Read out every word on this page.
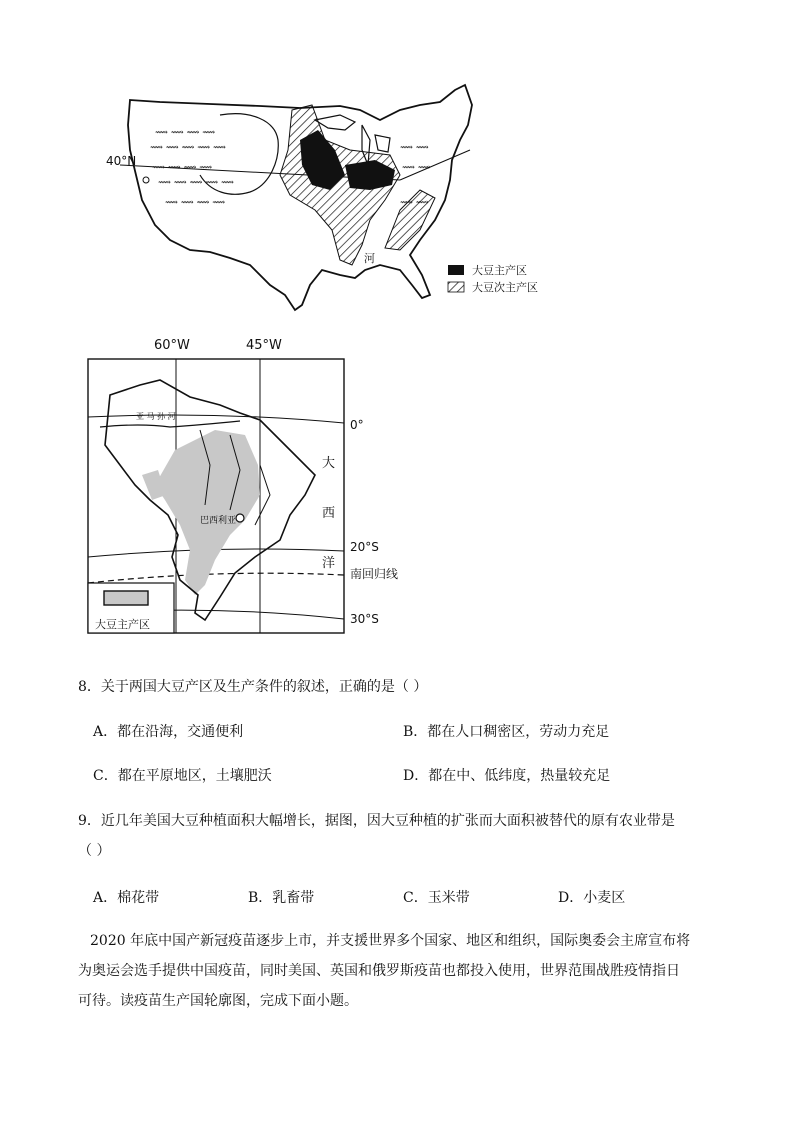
⟿ ⟿ ⟿ ⟿
⟿ ⟿ ⟿ ⟿ ⟿
⟿ ⟿ ⟿ ⟿
⟿ ⟿ ⟿ ⟿ ⟿
⟿ ⟿ ⟿ ⟿
⟿ ⟿
⟿ ⟿
⟿ ⟿
40°N
河
大豆主产区
大豆次主产区
60°W	45°W
0°
20°S
南回归线
30°S
大
西
洋
亚 马 孙 河
巴西利亚
大豆主产区
8．关于两国大豆产区及生产条件的叙述，正确的是（ ）
A．都在沿海，交通便利	B．都在人口稠密区，劳动力充足
C．都在平原地区，土壤肥沃	D．都在中、低纬度，热量较充足
9．近几年美国大豆种植面积大幅增长，据图，因大豆种植的扩张而大面积被替代的原有农业带是
（ ）
A．棉花带	B．乳畜带	C．玉米带	D．小麦区
2020 年底中国产新冠疫苗逐步上市，并支援世界多个国家、地区和组织，国际奥委会主席宣布将
为奥运会选手提供中国疫苗，同时美国、英国和俄罗斯疫苗也都投入使用，世界范围战胜疫情指日
可待。读疫苗生产国轮廓图，完成下面小题。
